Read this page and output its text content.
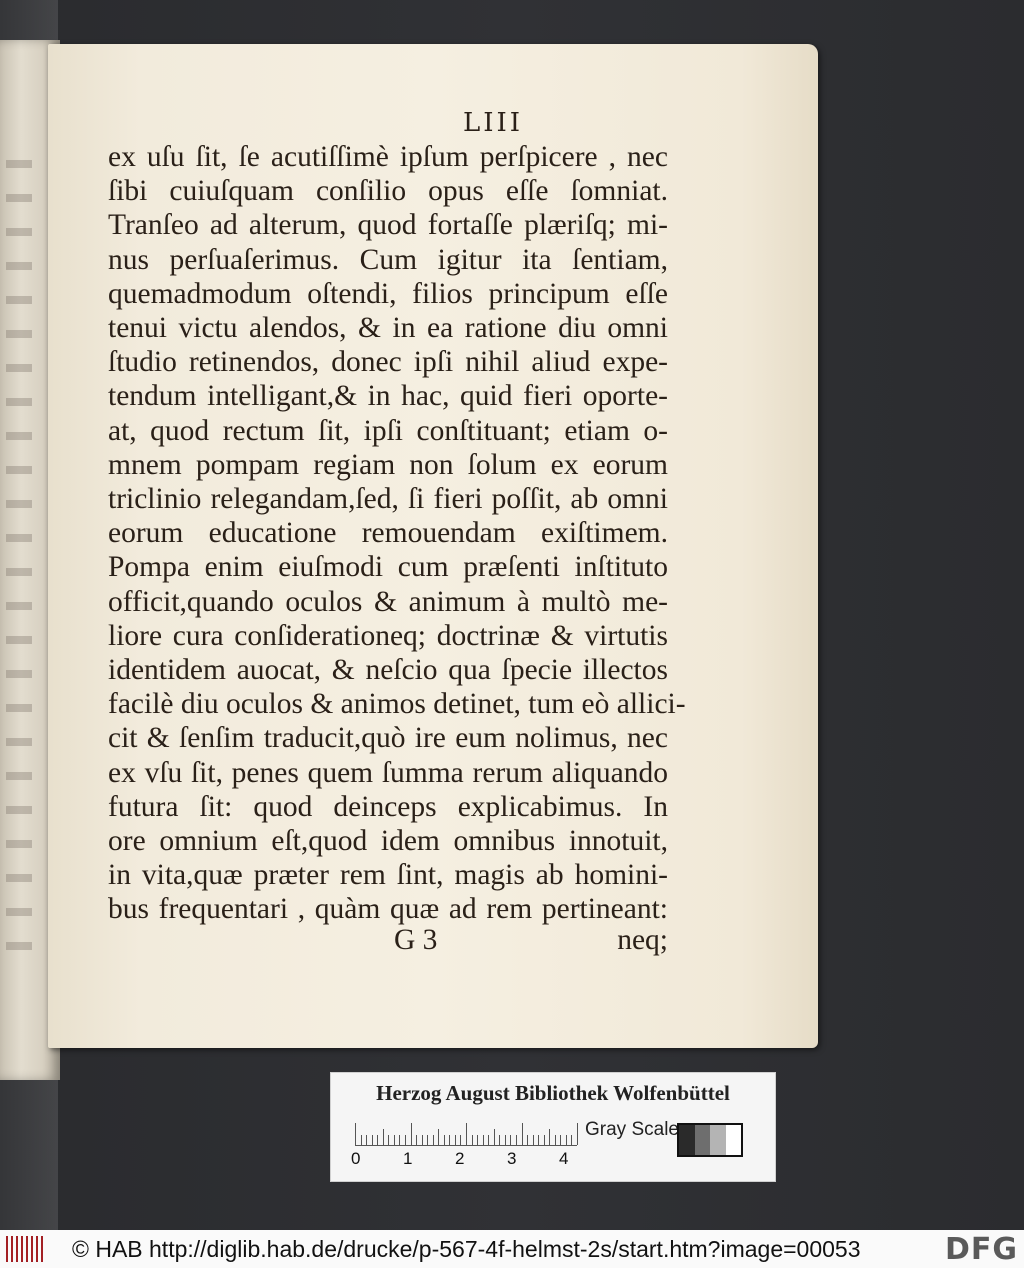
LIII
ex uſu ſit, ſe acutiſſimè ipſum perſpicere , nec
ſibi cuiuſquam conſilio opus eſſe ſomniat.
Tranſeo ad alterum, quod fortaſſe plæriſq; mi-
nus perſuaſerimus. Cum igitur ita ſentiam,
quemadmodum oſtendi, filios principum eſſe
tenui victu alendos, & in ea ratione diu omni
ſtudio retinendos, donec ipſi nihil aliud expe-
tendum intelligant,& in hac, quid fieri oporte-
at, quod rectum ſit, ipſi conſtituant; etiam o-
mnem pompam regiam non ſolum ex eorum
triclinio relegandam,ſed, ſi fieri poſſit, ab omni
eorum educatione remouendam exiſtimem.
Pompa enim eiuſmodi cum præſenti inſtituto
officit,quando oculos & animum à multò me-
liore cura conſiderationeq; doctrinæ & virtutis
identidem auocat, & neſcio qua ſpecie illectos
facilè diu oculos & animos detinet, tum eò allici-
cit & ſenſim traducit,quò ire eum nolimus, nec
ex vſu ſit, penes quem ſumma rerum aliquando
futura ſit: quod deinceps explicabimus. In
ore omnium eſt,quod idem omnibus innotuit,
in vita,quæ præter rem ſint, magis ab homini-
bus frequentari , quàm quæ ad rem pertineant:
G 3	neq;
Herzog August Bibliothek Wolfenbüttel
0	1	2	3	4
Gray Scale
© HAB http://diglib.hab.de/drucke/p-567-4f-helmst-2s/start.htm?image=00053	DFG
